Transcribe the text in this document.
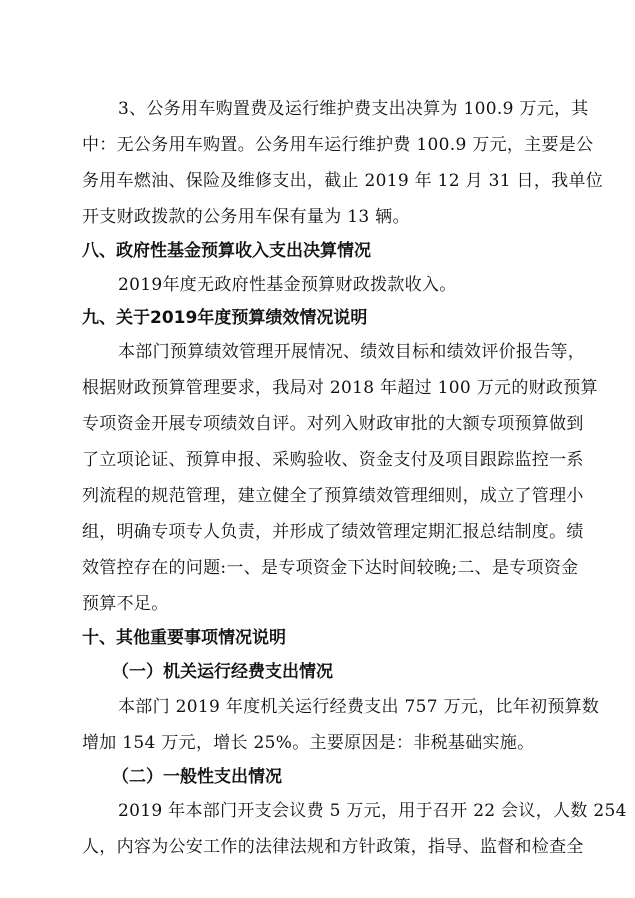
3、公务用车购置费及运行维护费支出决算为 100.9 万元，其
中：无公务用车购置。公务用车运行维护费 100.9 万元，主要是公
务用车燃油、保险及维修支出，截止 2019 年 12 月 31 日，我单位
开支财政拨款的公务用车保有量为 13 辆。
八、政府性基金预算收入支出决算情况
2019年度无政府性基金预算财政拨款收入。
九、关于2019年度预算绩效情况说明
本部门预算绩效管理开展情况、绩效目标和绩效评价报告等，
根据财政预算管理要求，我局对 2018 年超过 100 万元的财政预算
专项资金开展专项绩效自评。对列入财政审批的大额专项预算做到
了立项论证、预算申报、采购验收、资金支付及项目跟踪监控一系
列流程的规范管理，建立健全了预算绩效管理细则，成立了管理小
组，明确专项专人负责，并形成了绩效管理定期汇报总结制度。绩
效管控存在的问题:一、是专项资金下达时间较晚;二、是专项资金
预算不足。
十、其他重要事项情况说明
（一）机关运行经费支出情况
本部门 2019 年度机关运行经费支出 757 万元，比年初预算数
增加 154 万元，增长 25%。主要原因是：非税基础实施。
（二）一般性支出情况
2019 年本部门开支会议费 5 万元，用于召开 22 会议，人数 254
人，内容为公安工作的法律法规和方针政策，指导、监督和检查全
